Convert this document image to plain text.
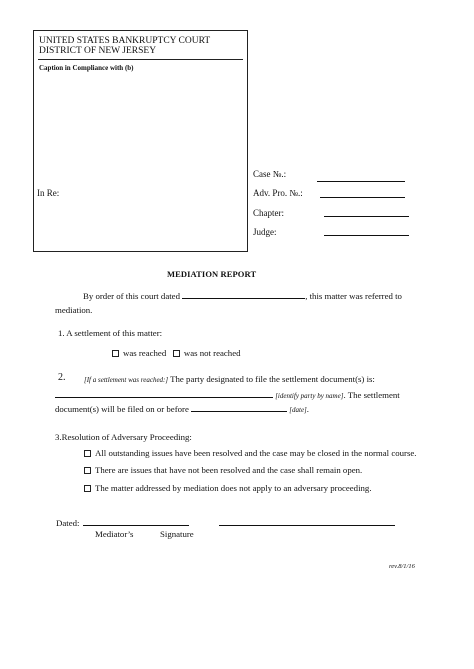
UNITED STATES BANKRUPTCY COURT
DISTRICT OF NEW JERSEY
Caption in Compliance with (b)
In Re:
Case №.:
Adv. Pro. №.:
Chapter:
Judge:
MEDIATION REPORT
By order of this court dated	, this matter was referred to
mediation.
1. A settlement of this matter:
was reached was not reached
2.	[If a settlement was reached:] The party designated to file the settlement document(s) is:
[identify party by name]. The settlement
document(s) will be filed on or before	[date].
3.Resolution of Adversary Proceeding:
All outstanding issues have been resolved and the case may be closed in the normal course.
There are issues that have not been resolved and the case shall remain open.
The matter addressed by mediation does not apply to an adversary proceeding.
Dated:
Mediator’s	Signature
rev.8/1/16
